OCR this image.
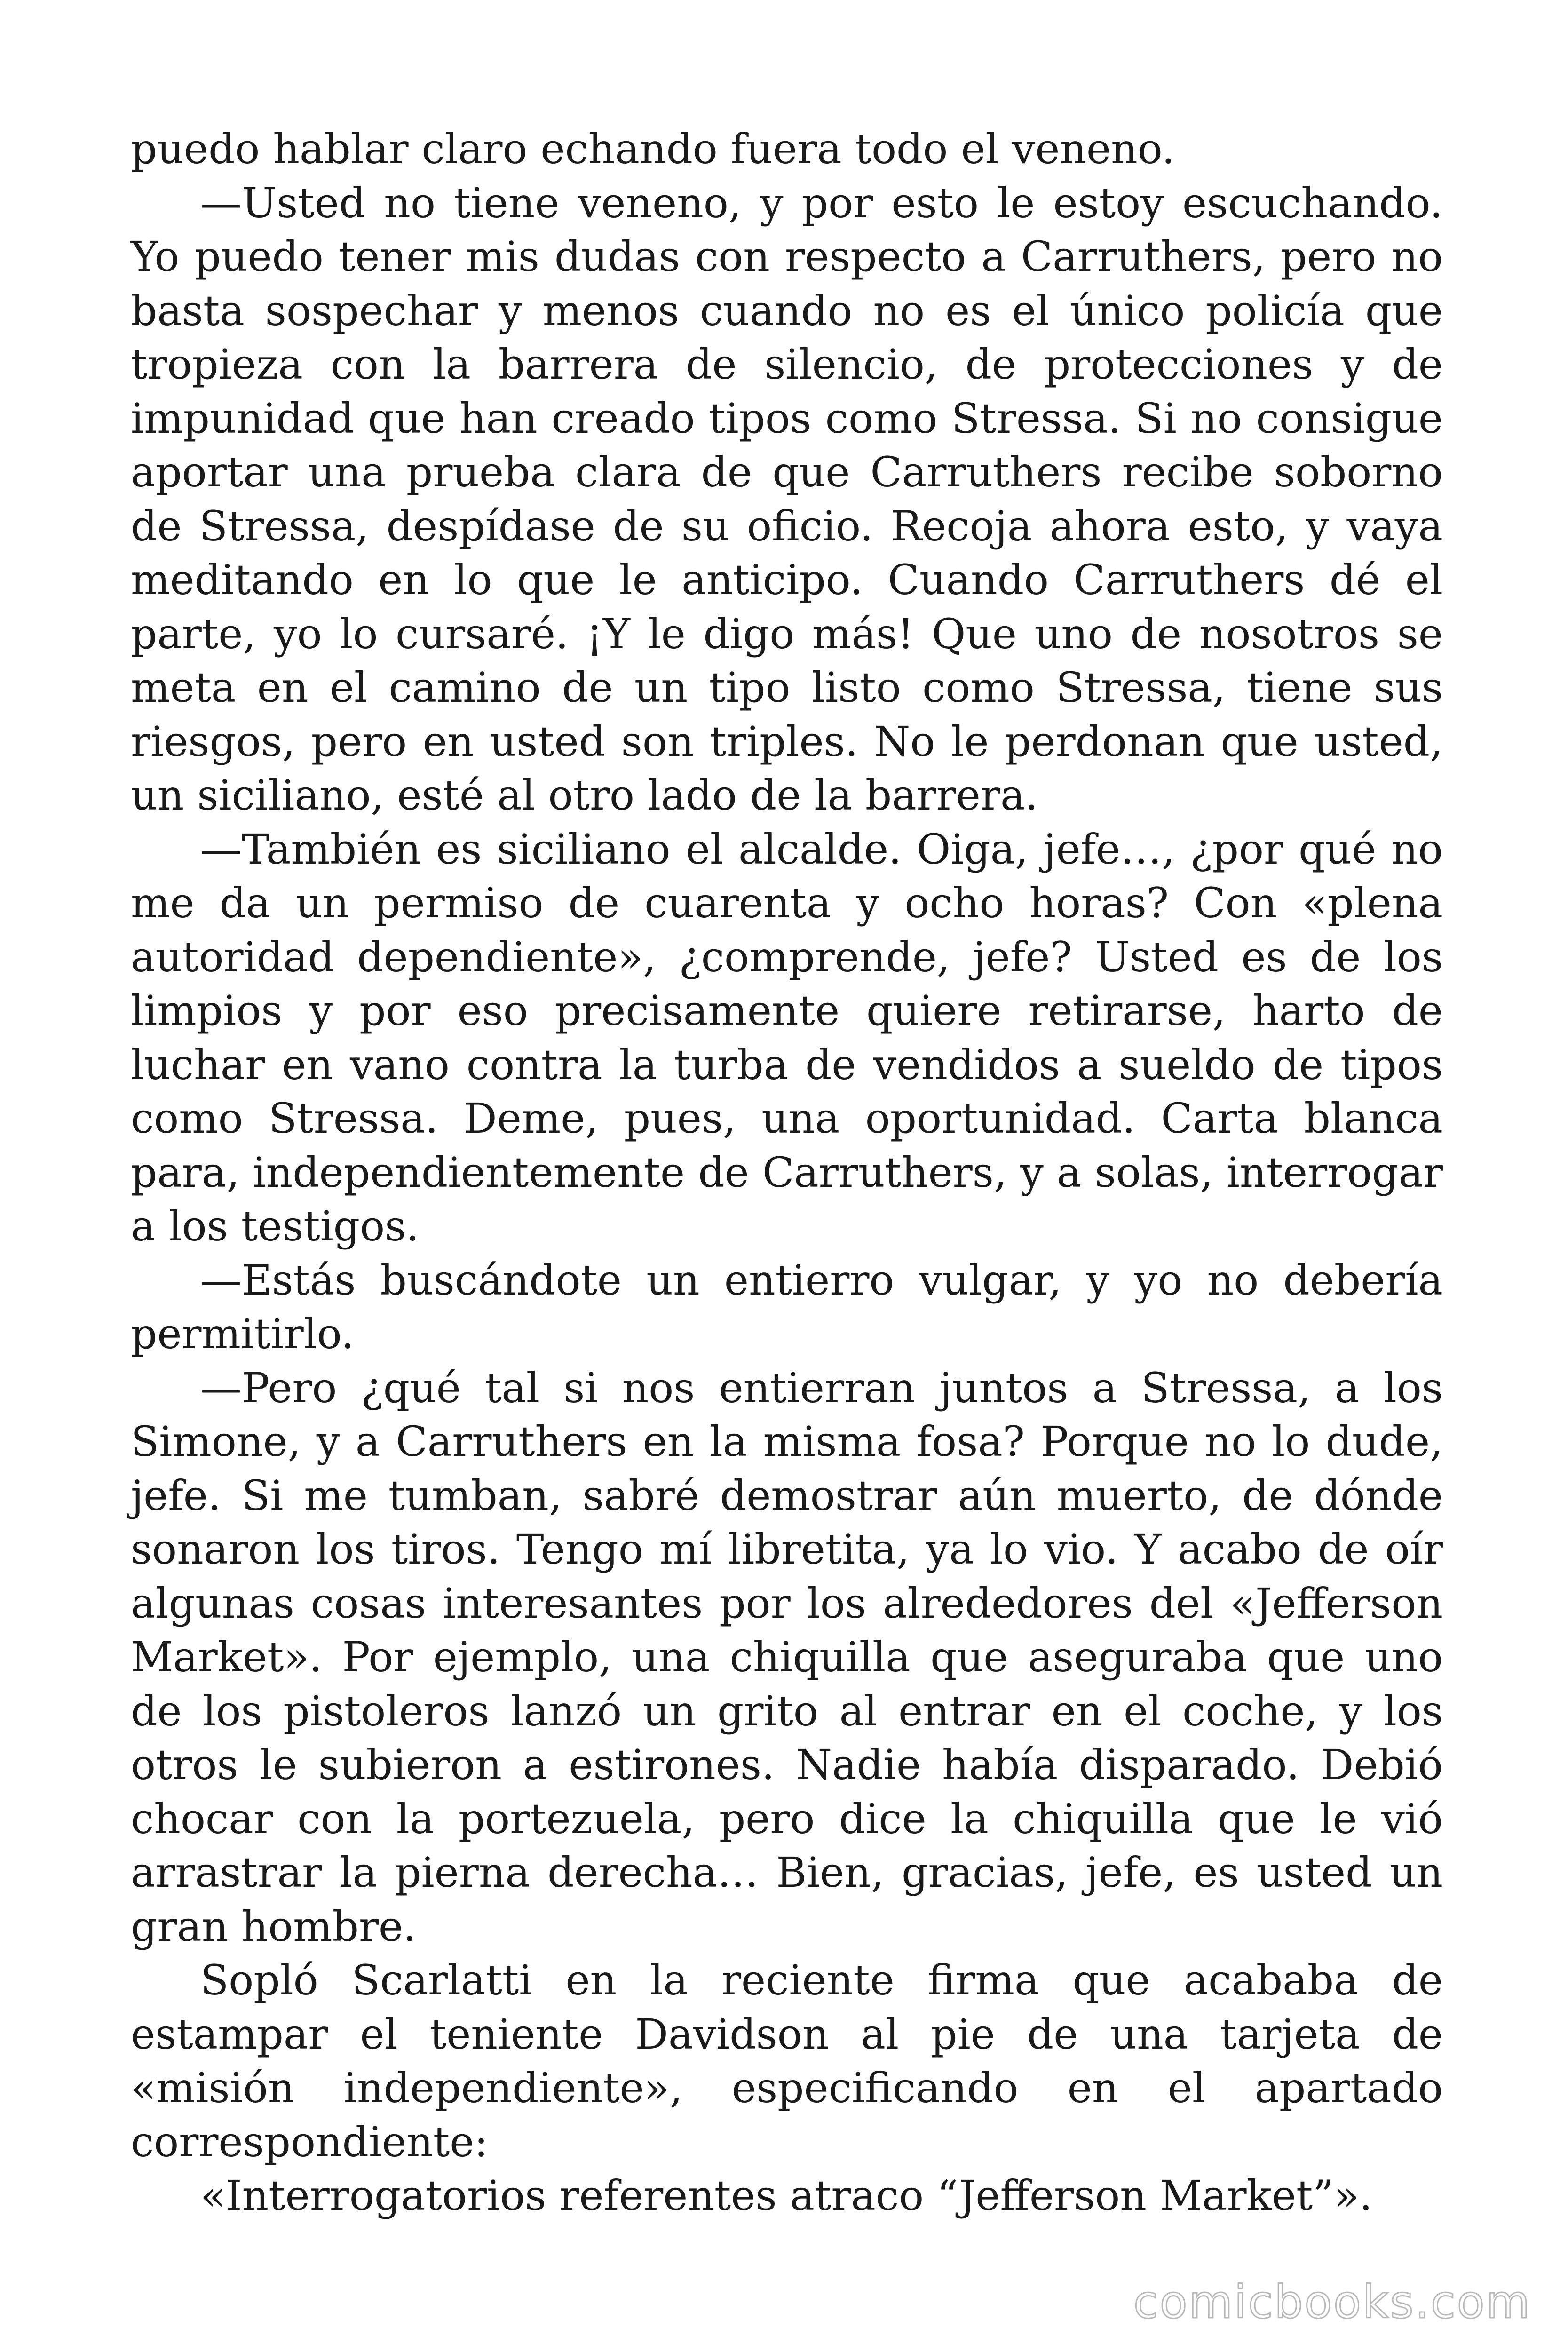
puedo hablar claro echando fuera todo el veneno.

—Usted no tiene veneno, y por esto le estoy escuchando. Yo puedo tener mis dudas con respecto a Carruthers, pero no basta sospechar y menos cuando no es el único policía que tropieza con la barrera de silencio, de protecciones y de impunidad que han creado tipos como Stressa. Si no consigue aportar una prueba clara de que Carruthers recibe soborno de Stressa, despídase de su oficio. Recoja ahora esto, y vaya meditando en lo que le anticipo. Cuando Carruthers dé el parte, yo lo cursaré. ¡Y le digo más! Que uno de nosotros se meta en el camino de un tipo listo como Stressa, tiene sus riesgos, pero en usted son triples. No le perdonan que usted, un siciliano, esté al otro lado de la barrera.

—También es siciliano el alcalde. Oiga, jefe…, ¿por qué no me da un permiso de cuarenta y ocho horas? Con «plena autoridad dependiente», ¿comprende, jefe? Usted es de los limpios y por eso precisamente quiere retirarse, harto de luchar en vano contra la turba de vendidos a sueldo de tipos como Stressa. Deme, pues, una oportunidad. Carta blanca para, independientemente de Carruthers, y a solas, interrogar a los testigos.

—Estás buscándote un entierro vulgar, y yo no debería permitirlo.

—Pero ¿qué tal si nos entierran juntos a Stressa, a los Simone, y a Carruthers en la misma fosa? Porque no lo dude, jefe. Si me tumban, sabré demostrar aún muerto, de dónde sonaron los tiros. Tengo mí libretita, ya lo vio. Y acabo de oír algunas cosas interesantes por los alrededores del «Jefferson Market». Por ejemplo, una chiquilla que aseguraba que uno de los pistoleros lanzó un grito al entrar en el coche, y los otros le subieron a estirones. Nadie había disparado. Debió chocar con la portezuela, pero dice la chiquilla que le vió arrastrar la pierna derecha… Bien, gracias, jefe, es usted un gran hombre.

Sopló Scarlatti en la reciente firma que acababa de estampar el teniente Davidson al pie de una tarjeta de «misión independiente», especificando en el apartado correspondiente:

«Interrogatorios referentes atraco “Jefferson Market”».

comicbooks.com
